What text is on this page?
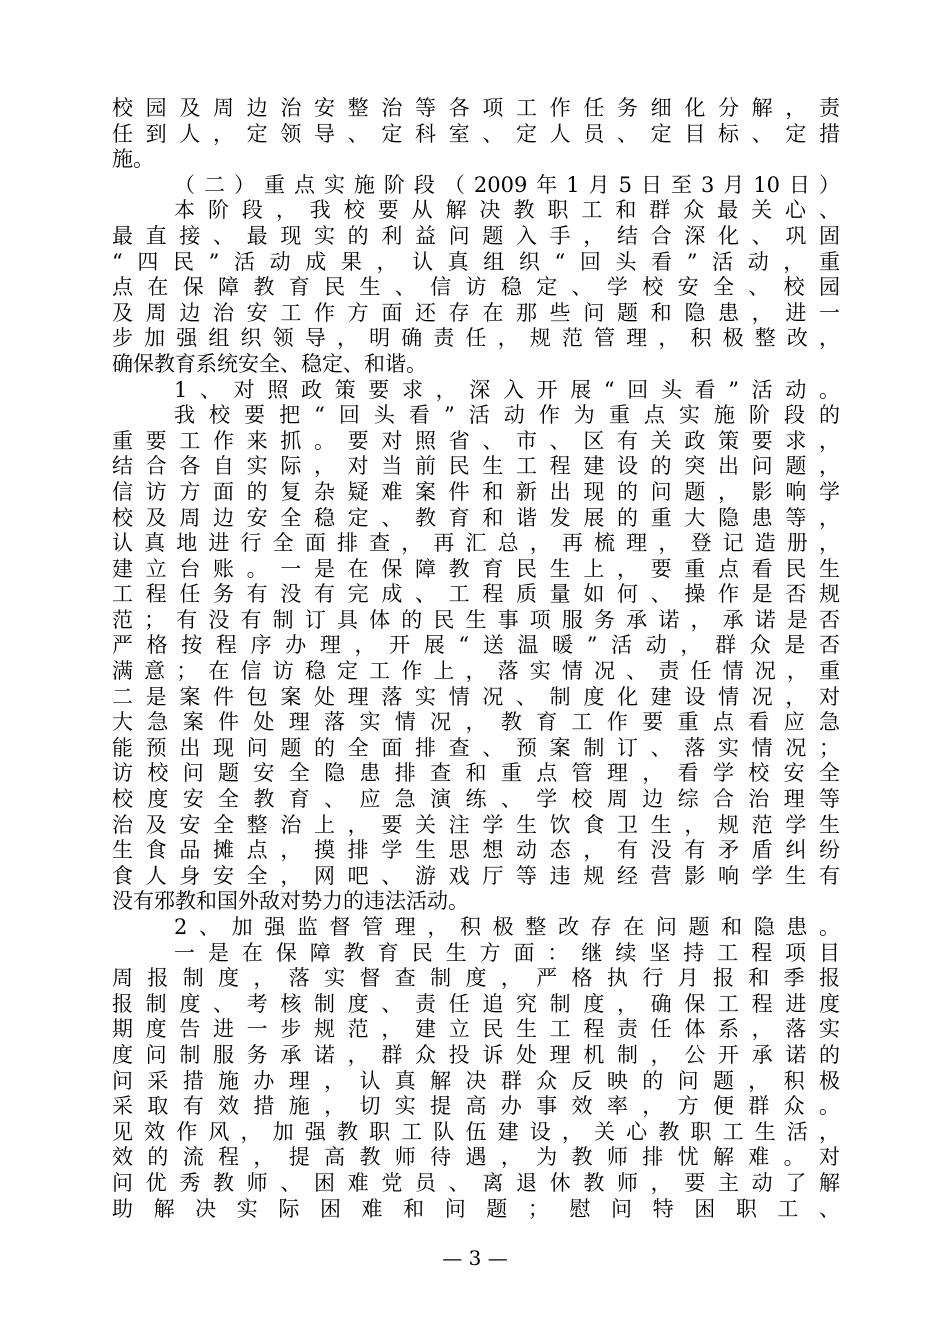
校园及周边治安整治等各项工作任务细化分解，责
任到人，定领导、定科室、定人员、定目标、定措
施。
（二）重点实施阶段（2009年1月5日至3月10日）
本阶段，我校要从解决教职工和群众最关心、
最直接、最现实的利益问题入手，结合深化、巩固
“四民”活动成果，认真组织“回头看”活动，重
点在保障教育民生、信访稳定、学校安全、校园
及周边治安工作方面还存在那些问题和隐患，进一
步加强组织领导，明确责任，规范管理，积极整改，
确保教育系统安全、稳定、和谐。
1、对照政策要求，深入开展“回头看”活动。
我校要把“回头看”活动作为重点实施阶段的
重要工作来抓。要对照省、市、区有关政策要求，
结合各自实际，对当前民生工程建设的突出问题，
信访方面的复杂疑难案件和新出现的问题，影响学
校及周边安全稳定、教育和谐发展的重大隐患等，
认真地进行全面排查，再汇总，再梳理，登记造册，
建立台账。一是在保障教育民生上，要重点看民生
工程任务有没有完成、工程质量如何、操作是否规
范；有没有制订具体的民生事项服务承诺，承诺是否
严格按程序办理，开展“送温暖”活动，群众是否
满意；在信访稳定工作上，落实情况、责任情况，重
二是案件包案处理落实情况、制度化建设情况，对
大急案件处理落实情况，教育工作要重点看应急
能预出现问题的全面排查、预案制订、落实情况；
访校问题安全隐患排查和重点管理，看学校安全
校度安全教育、应急演练、学校周边综合治理等
治及安全整治上，要关注学生饮食卫生，规范学生
生食品摊点，摸排学生思想动态，有没有矛盾纠纷
食人身安全，网吧、游戏厅等违规经营影响学生有
没有邪教和国外敌对势力的违法活动。
2、加强监督管理，积极整改存在问题和隐患。
一是在保障教育民生方面：继续坚持工程项目
周报制度，落实督查制度，严格执行月报和季报
报制度、考核制度、责任追究制度，确保工程进度
期度告进一步规范，建立民生工程责任体系，落实
度问制服务承诺，群众投诉处理机制，公开承诺的
问采措施办理，认真解决群众反映的问题，积极
采取有效措施，切实提高办事效率，方便群众。
见效作风，加强教职工队伍建设，关心教职工生活，
效的流程，提高教师待遇，为教师排忧解难。对
问优秀教师、困难党员、离退休教师，要主动了解
助解决实际困难和问题；慰问特困职工、
— 3 —
